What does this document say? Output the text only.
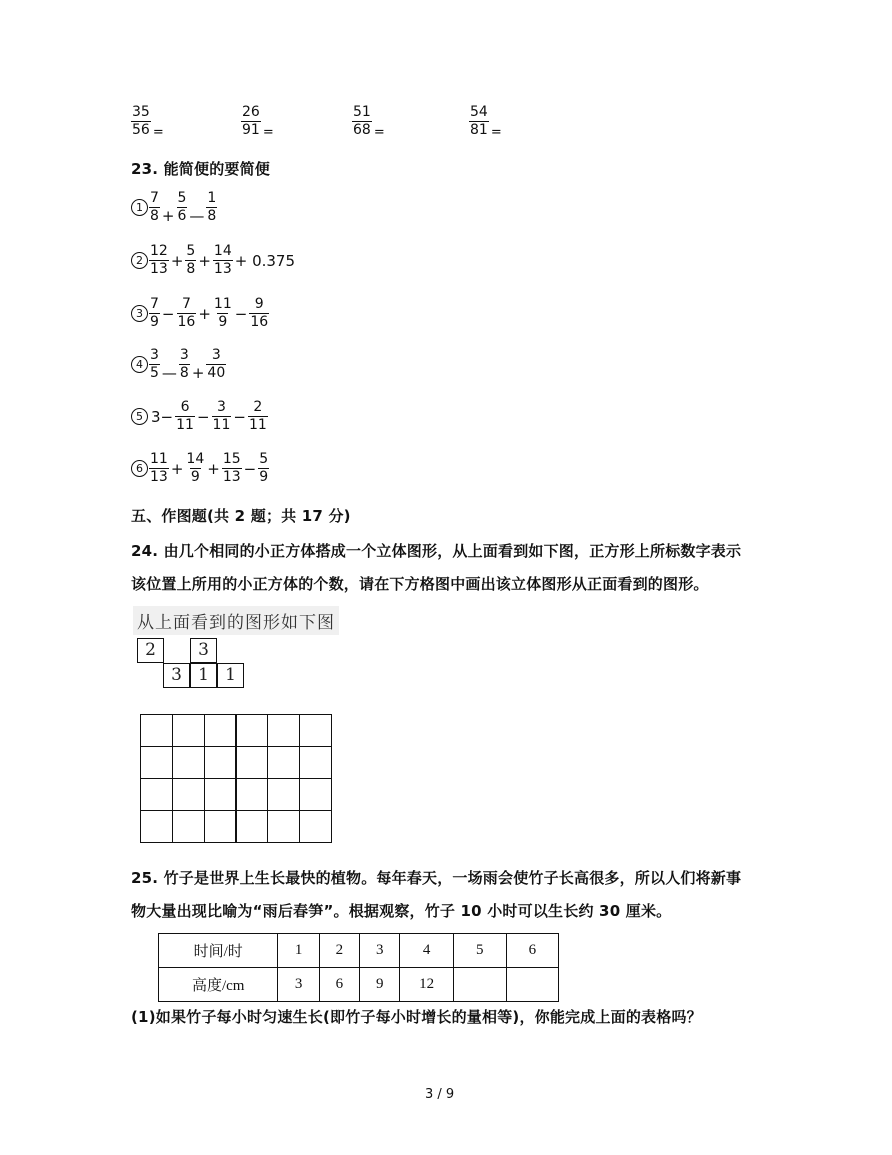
$\frac{35}{56} _=$	$\frac{26}{91} _=$	$\frac{51}{68} _=$	$\frac{54}{81} _=$
23. 能简便的要简便
$1 \frac{7}{8} + \frac{5}{6}$ — $\frac{1}{8}$
$2 \frac{12}{13} + \frac{5}{8} + \frac{14}{13} + 0.375$
$3 \frac{7}{9} - \frac{7}{16} + \frac{11}{9} - \frac{9}{16}$
$4 \frac{3}{5}$ — $\frac{3}{8} + \frac{3}{40}$
5 $3- \frac{6}{11} - \frac{3}{11} - \frac{2}{11}$
$6 \frac{11}{13} + \frac{14}{9} + \frac{15}{13} - \frac{5}{9}$
五、作图题(共 2 题；共 17 分)
24. 由几个相同的小正方体搭成一个立体图形，从上面看到如下图，正方形上所标数字表示
该位置上所用的小正方体的个数，请在下方格图中画出该立体图形从正面看到的图形。
从上面看到的图形如下图
2	3
3 1 1
25. 竹子是世界上生长最快的植物。每年春天，一场雨会使竹子长高很多，所以人们将新事
物大量出现比喻为“雨后春笋”。根据观察，竹子 10 小时可以生长约 30 厘米。
时间/时	1	2	3	4	5	6
高度/cm	3	6	9	12		
(1)如果竹子每小时匀速生长(即竹子每小时增长的量相等)，你能完成上面的表格吗？
3 / 9
